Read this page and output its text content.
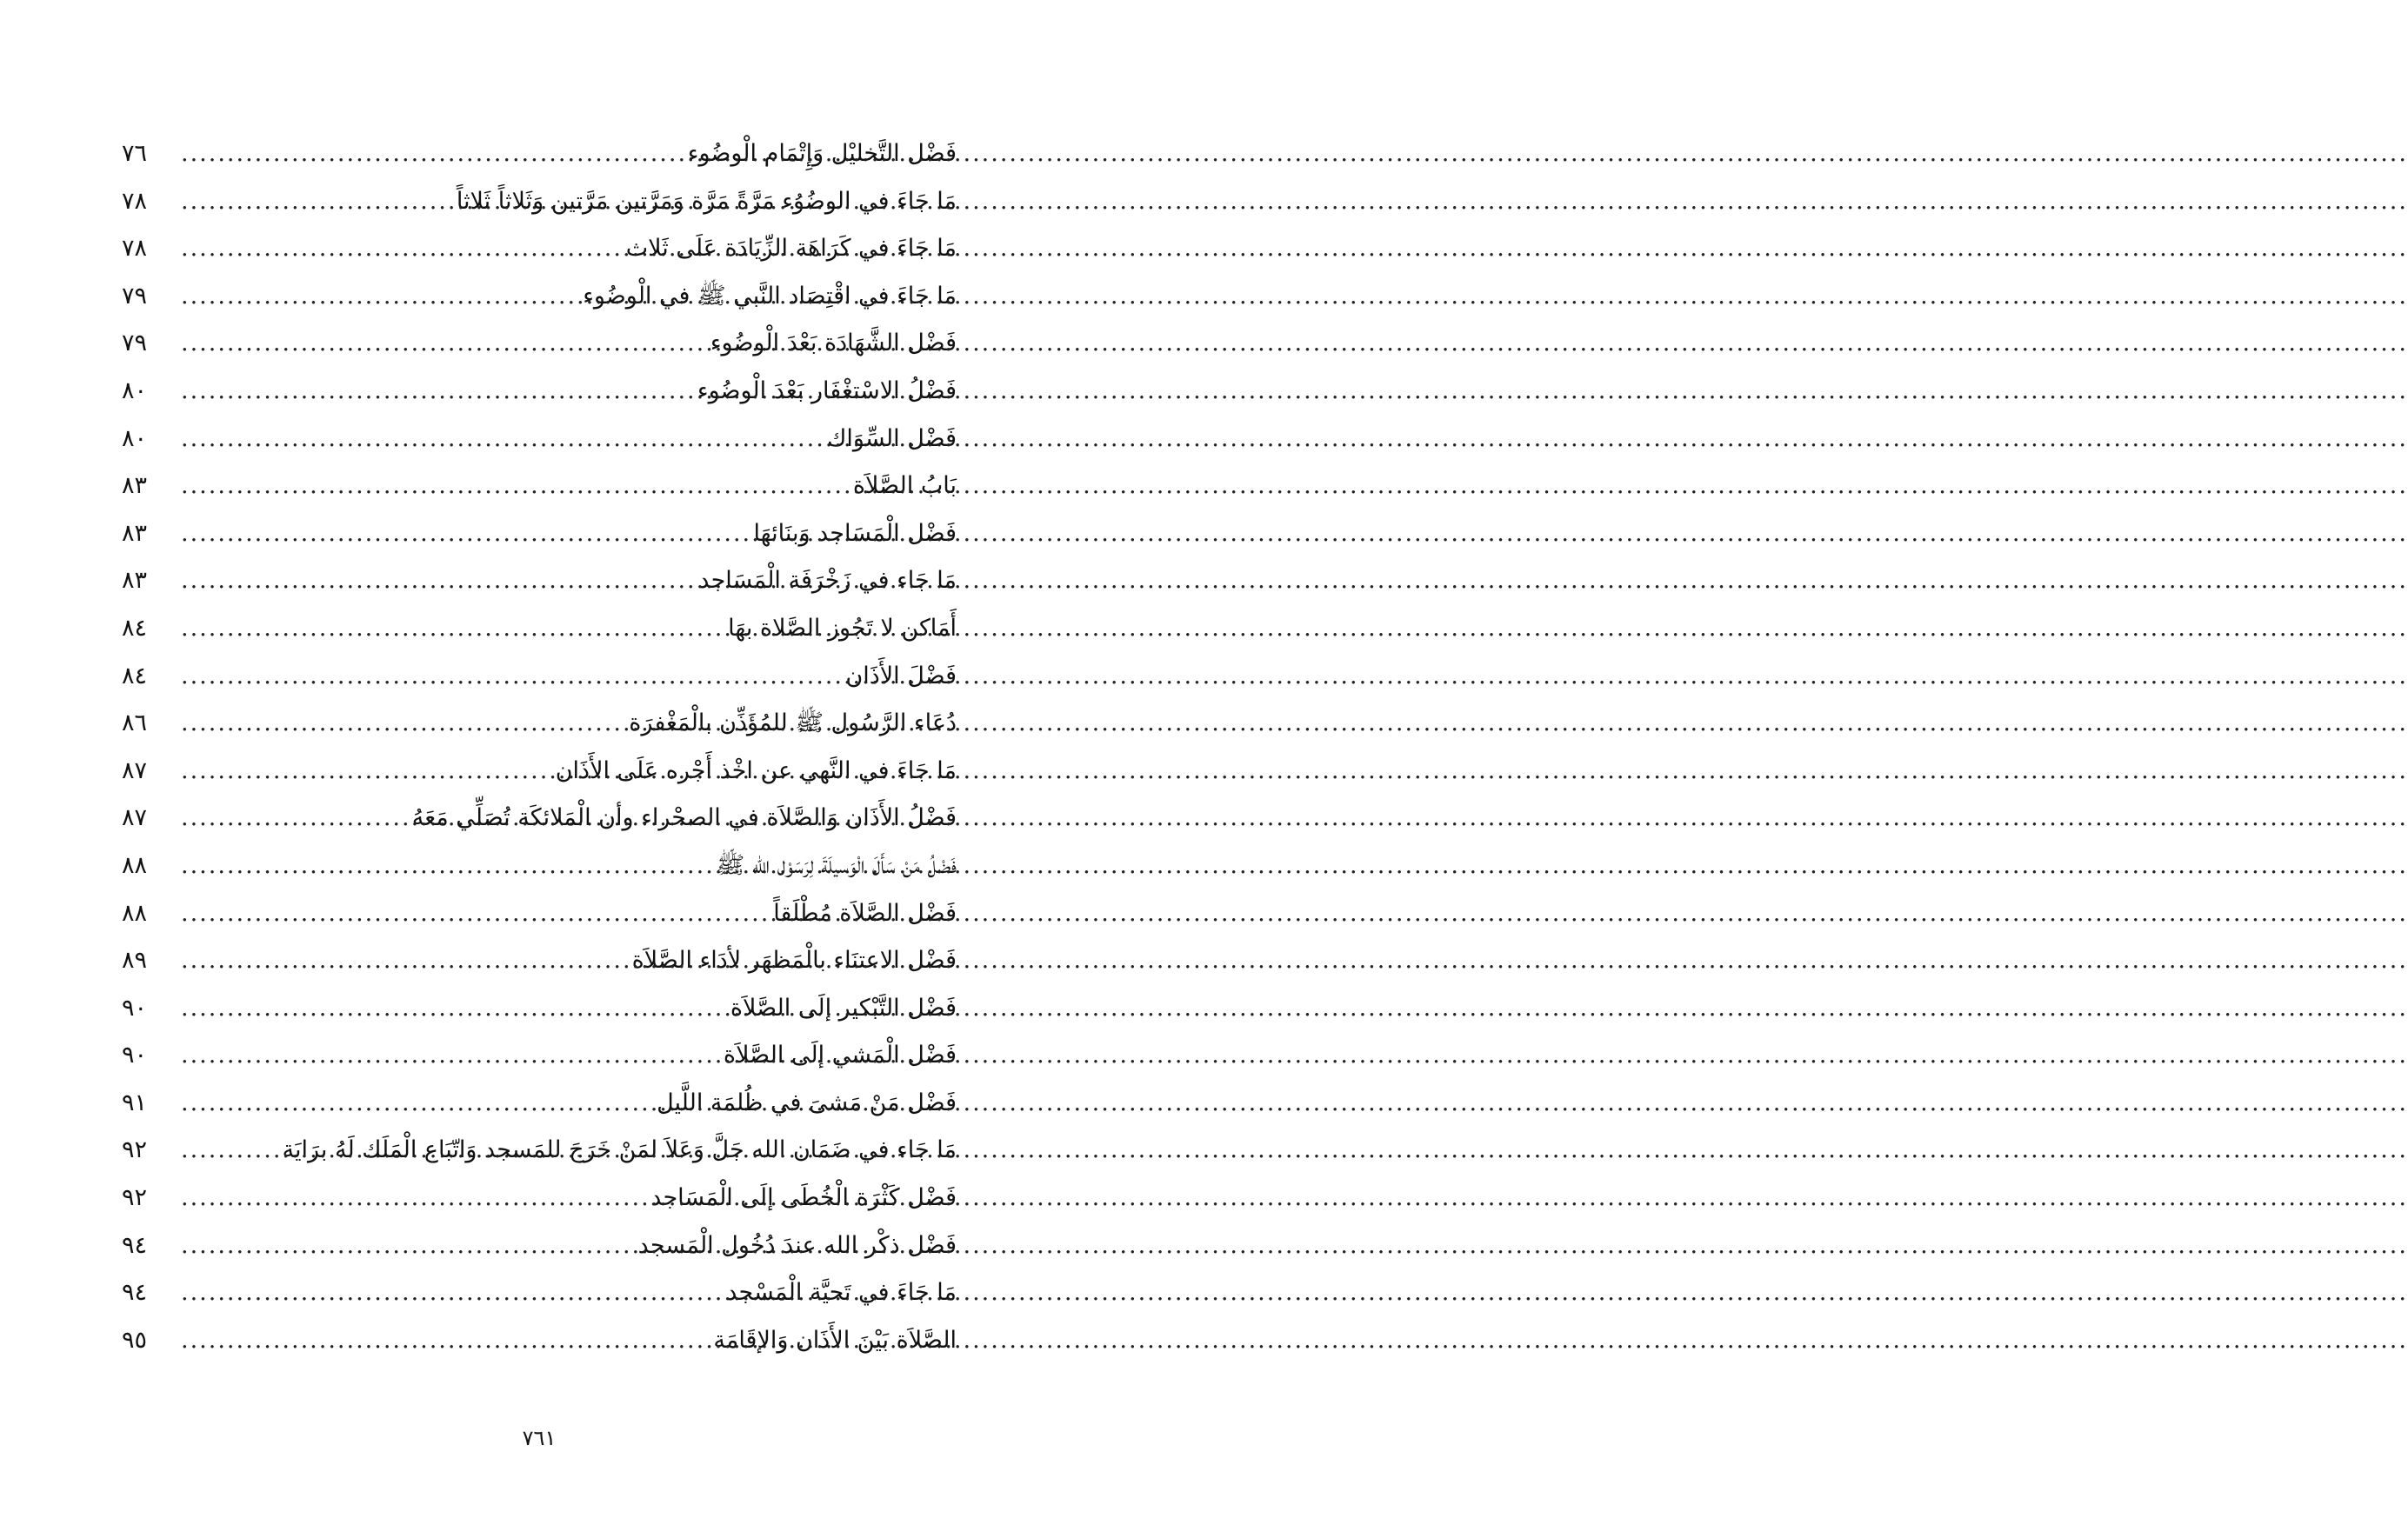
فَضْل التَّخليْل وَإِتْمَام الْوضُوء
.....
٧٦
مَا جَاءَ في الوضُوُء مَرَّةً مَرَّة وَمَرَّتين مَرَّتين وَثَلاثاً ثَلاثاً
.....
٧٨
مَا جَاءَ في كَرَاهَة الزِّيَادَة عَلَى ثَلاث
.....
٧٨
مَا جَاءَ في اقْتِصَاد النَّبي ﷺ في الْوضُوء
.....
٧٩
فَضْل الشَّهَادَة بَعْدَ الْوضُوء
.....
٧٩
فَضْلُ الاسْتغْفَار بَعْدَ الْوضُوء
.....
٨٠
فَضْل السِّوَاك
.....
٨٠
بَابُ الصَّلاَة
.....
٨٣
فَضْل الْمَسَاجد وَبنَائهَا
.....
٨٣
مَا جَاء في زَخْرَفَة الْمَسَاجد
.....
٨٣
أَمَاكن لا تَجُوز الصَّلاة بهَا
.....
٨٤
فَضْلَ الأَذَان
.....
٨٤
دُعَاء الرَّسُول ﷺ للمُؤَذِّن بالْمَغْفرَة
.....
٨٦
مَا جَاءَ في النَّهي عن اخْذ أَجْره عَلَى الأَذَان
.....
٨٧
فَضْلُ الأَذَان وَالصَّلاَة في الصحْراء وأن الْمَلائكَة تُصَلِّي مَعَهُ
.....
٨٧
فَضْلُ مَنْ سَأَلَ الْوَسيلَةَ لِرَسَوْل الله ﷺ
.....
٨٨
فَضْل الصَّلاَة مُطْلَقاً
.....
٨٨
فَضْل الاعتنَاء بالْمَظهَر لأدَاء الصَّلاَة
.....
٨٩
فَضْل التَّبْكير إلَى الصَّلاَة
.....
٩٠
فَضْل الْمَشي إلَى الصَّلاَة
.....
٩٠
فَضْل مَنْ مَشىَ في ظُلمَة اللَّيل
.....
٩١
مَا جَاء في ضَمَان الله جَلَّ وَعَلاَ لمَنْ خَرَجَ للمَسجد وَاتّبَاع الْمَلَك لَهُ برَايَة
.....
٩٢
فَضْل كَثْرَة الْخُطَى إلَى الْمَسَاجد
.....
٩٢
فَضْل ذكْر الله عندَ دُخُول الْمَسجد
.....
٩٤
مَا جَاءَ في تَحيَّة الْمَسْجد
.....
٩٤
الصَّلاَة بَيْنَ الأَذَان وَالإقَامَة
.....
٩٥
٧٦١
